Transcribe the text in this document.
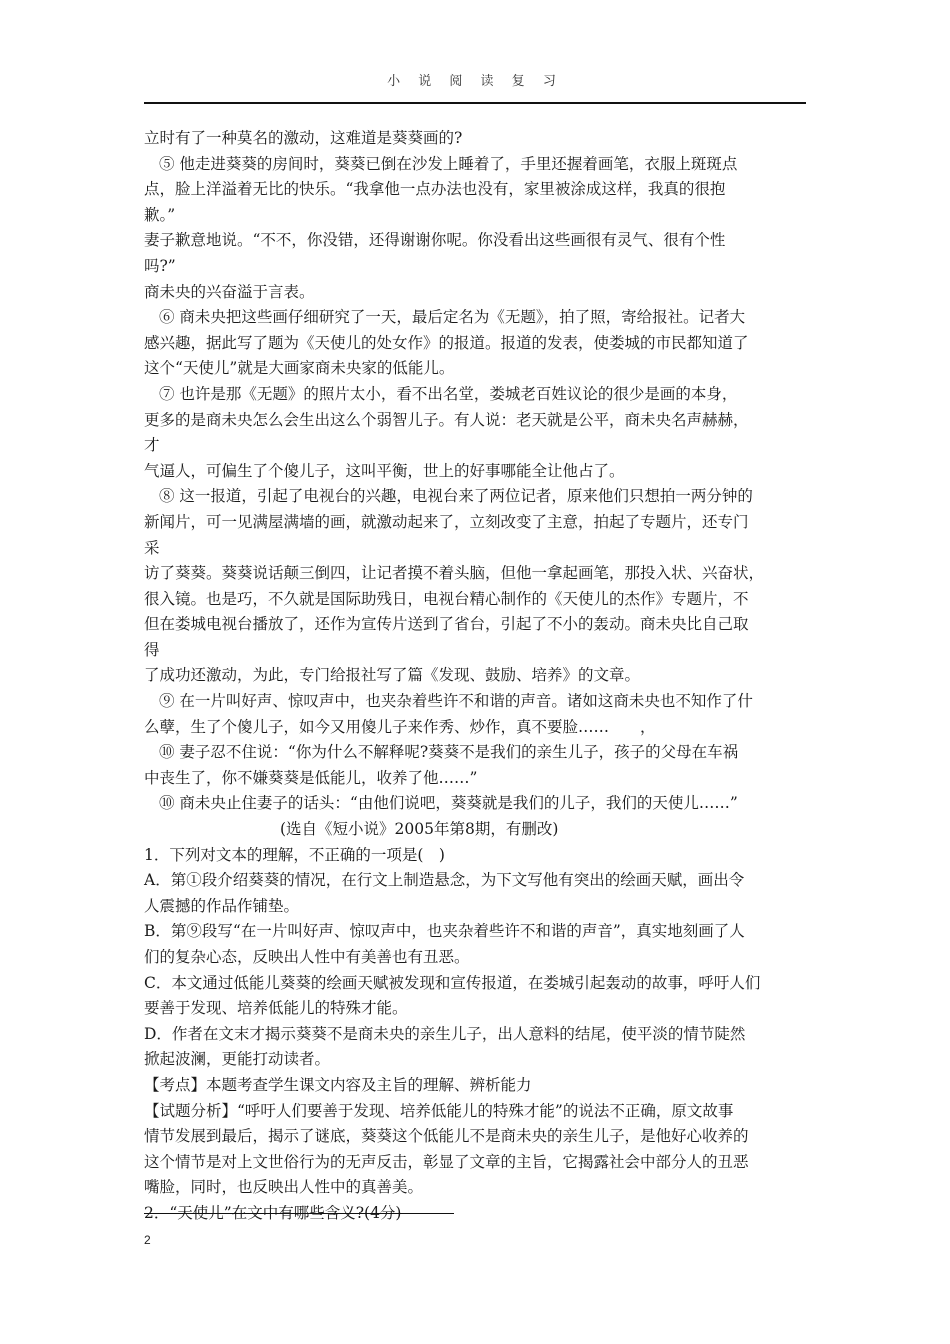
小 说 阅 读 复 习

立时有了一种莫名的激动，这难道是葵葵画的?

⑤ 他走进葵葵的房间时，葵葵已倒在沙发上睡着了，手里还握着画笔，衣服上斑斑点

点，脸上洋溢着无比的快乐。“我拿他一点办法也没有，家里被涂成这样，我真的很抱

歉。”

妻子歉意地说。“不不，你没错，还得谢谢你呢。你没看出这些画很有灵气、很有个性

吗?”

商未央的兴奋溢于言表。

⑥ 商未央把这些画仔细研究了一天，最后定名为《无题》，拍了照，寄给报社。记者大

感兴趣，据此写了题为《天使儿的处女作》的报道。报道的发表，使娄城的市民都知道了

这个“天使儿”就是大画家商未央家的低能儿。

⑦ 也许是那《无题》的照片太小，看不出名堂，娄城老百姓议论的很少是画的本身，

更多的是商未央怎么会生出这么个弱智儿子。有人说：老天就是公平，商未央名声赫赫，

才

气逼人，可偏生了个傻儿子，这叫平衡，世上的好事哪能全让他占了。

⑧ 这一报道，引起了电视台的兴趣，电视台来了两位记者，原来他们只想拍一两分钟的

新闻片，可一见满屋满墙的画，就激动起来了，立刻改变了主意，拍起了专题片，还专门

采

访了葵葵。葵葵说话颠三倒四，让记者摸不着头脑，但他一拿起画笔，那投入状、兴奋状，

很入镜。也是巧，不久就是国际助残日，电视台精心制作的《天使儿的杰作》专题片，不

但在娄城电视台播放了，还作为宣传片送到了省台，引起了不小的轰动。商未央比自己取

得

了成功还激动，为此，专门给报社写了篇《发现、鼓励、培养》的文章。

⑨ 在一片叫好声、惊叹声中，也夹杂着些许不和谐的声音。诸如这商未央也不知作了什

么孽，生了个傻儿子，如今又用傻儿子来作秀、炒作，真不要脸……　　，

⑩ 妻子忍不住说：“你为什么不解释呢?葵葵不是我们的亲生儿子，孩子的父母在车祸

中丧生了，你不嫌葵葵是低能儿，收养了他……”

⑩ 商未央止住妻子的话头：“由他们说吧，葵葵就是我们的儿子，我们的天使儿……”

(选自《短小说》2005年第8期，有删改)

1．下列对文本的理解，不正确的一项是(　)

A．第①段介绍葵葵的情况，在行文上制造悬念，为下文写他有突出的绘画天赋，画出令

人震撼的作品作铺垫。

B．第⑨段写“在一片叫好声、惊叹声中，也夹杂着些许不和谐的声音”，真实地刻画了人

们的复杂心态，反映出人性中有美善也有丑恶。

C．本文通过低能儿葵葵的绘画天赋被发现和宣传报道，在娄城引起轰动的故事，呼吁人们

要善于发现、培养低能儿的特殊才能。

D．作者在文末才揭示葵葵不是商未央的亲生儿子，出人意料的结尾，使平淡的情节陡然

掀起波澜，更能打动读者。

【考点】本题考查学生课文内容及主旨的理解、辨析能力

【试题分析】“呼吁人们要善于发现、培养低能儿的特殊才能”的说法不正确，原文故事

情节发展到最后，揭示了谜底，葵葵这个低能儿不是商未央的亲生儿子，是他好心收养的

这个情节是对上文世俗行为的无声反击，彰显了文章的主旨，它揭露社会中部分人的丑恶

嘴脸，同时，也反映出人性中的真善美。

2．“天使儿”在文中有哪些含义?(4分)

2
